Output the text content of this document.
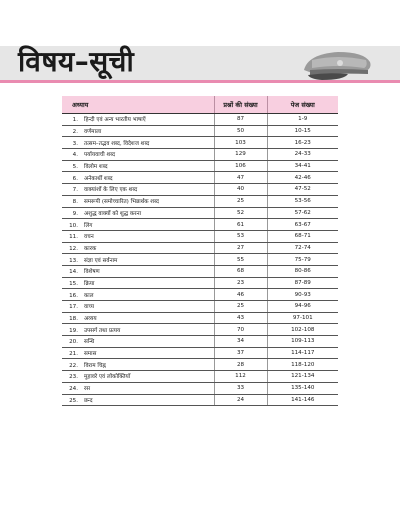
विषय–सूची
अध्याय	प्रश्नों की संख्या	पेज संख्या
1. हिन्दी एवं अन्य भारतीय भाषाएँ	87	1-9
2. वर्णमाला	50	10-15
3. तत्सम–तद्भव शब्द, विदेशज शब्द	103	16-23
4. पर्यायवाची शब्द	129	24-33
5. विलोम शब्द	106	34-41
6. अनेकार्थी शब्द	47	42-46
7. वाक्यांशों के लिए एक शब्द	40	47-52
8. समरूपी (समोच्चारित) भिन्नार्थक शब्द	25	53-56
9. अशुद्ध वाक्यों को शुद्ध करना	52	57-62
10. लिंग	61	63-67
11. वचन	53	68-71
12. कारक	27	72-74
13. संज्ञा एवं सर्वनाम	55	75-79
14. विशेषण	68	80-86
15. क्रिया	23	87-89
16. काल	46	90-93
17. वाच्य	25	94-96
18. अव्यय	43	97-101
19. उपसर्ग तथा प्रत्यय	70	102-108
20. सन्धि	34	109-113
21. समास	37	114-117
22. विराम चिह्न	28	118-120
23. मुहावरे एवं लोकोक्तियाँ	112	121-134
24. रस	33	135-140
25. छन्द	24	141-146
